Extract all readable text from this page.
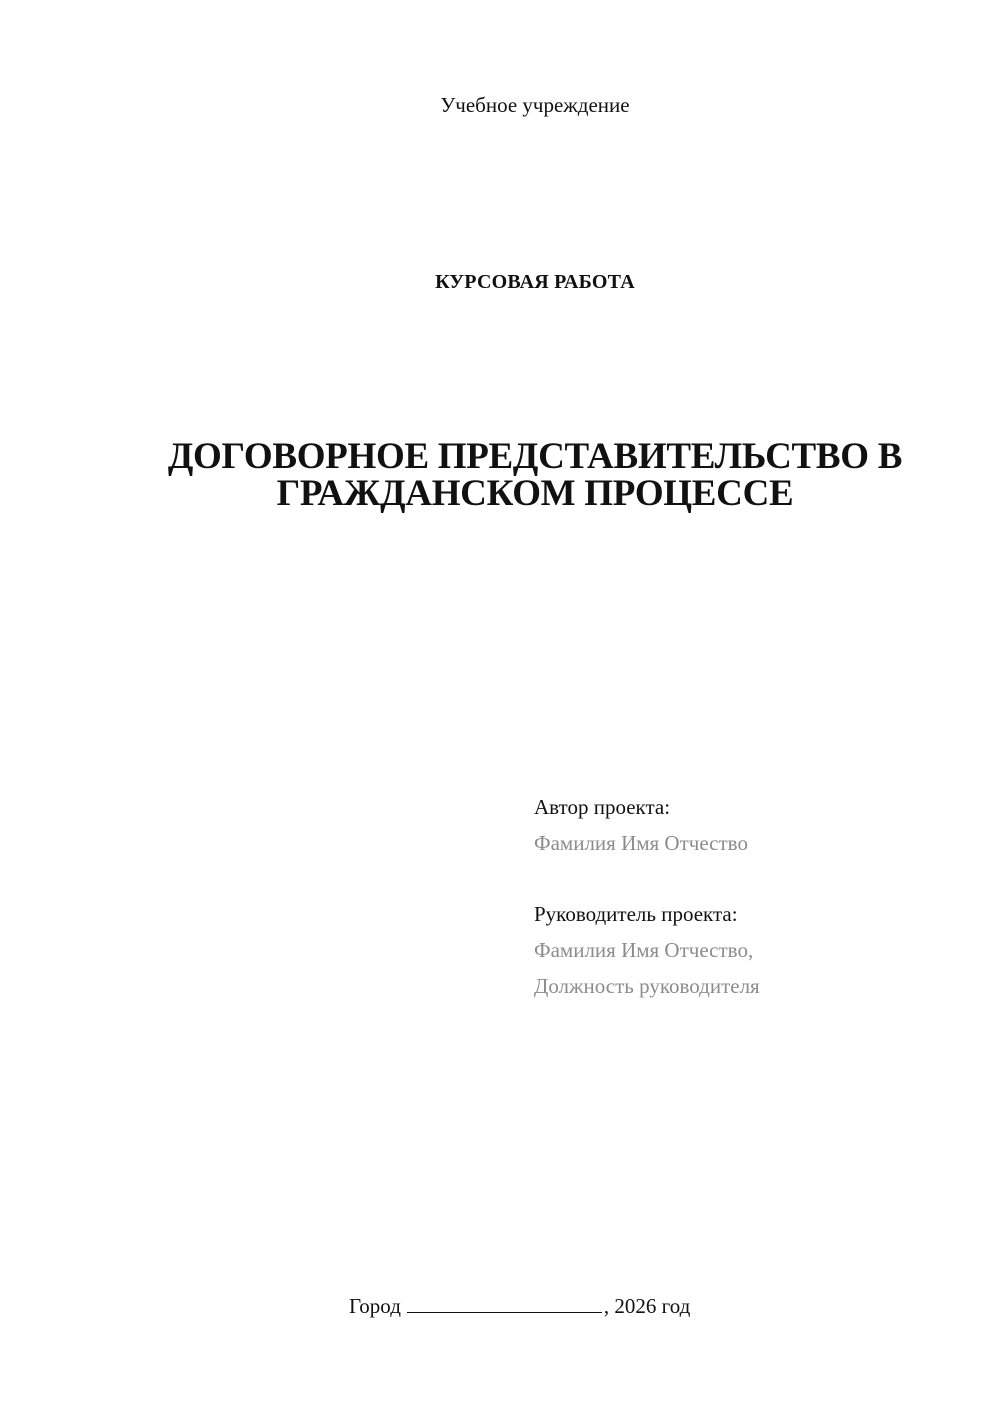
Учебное учреждение
КУРСОВАЯ РАБОТА
ДОГОВОРНОЕ ПРЕДСТАВИТЕЛЬСТВО В
ГРАЖДАНСКОМ ПРОЦЕССЕ
Автор проекта:
Фамилия Имя Отчество
Руководитель проекта:
Фамилия Имя Отчество,
Должность руководителя
Город	, 2026 год
